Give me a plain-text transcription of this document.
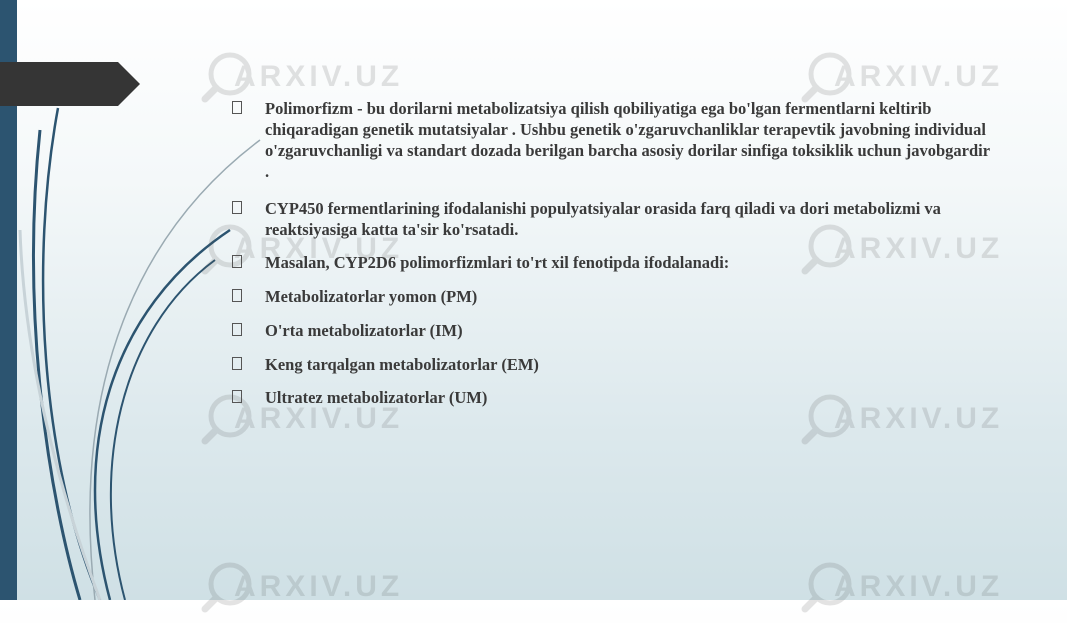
ARXIV.UZ	ARXIV.UZ
ARXIV.UZ	ARXIV.UZ
ARXIV.UZ	ARXIV.UZ
ARXIV.UZ	ARXIV.UZ
Polimorfizm - bu dorilarni metabolizatsiya qilish qobiliyatiga ega bo'lgan fermentlarni keltirib chiqaradigan genetik mutatsiyalar . Ushbu genetik o'zgaruvchanliklar terapevtik javobning individual o'zgaruvchanligi va standart dozada berilgan barcha asosiy dorilar sinfiga toksiklik uchun javobgardir .
CYP450 fermentlarining ifodalanishi populyatsiyalar orasida farq qiladi va dori metabolizmi va reaktsiyasiga katta ta'sir ko'rsatadi.
Masalan, CYP2D6 polimorfizmlari to'rt xil fenotipda ifodalanadi:
Metabolizatorlar yomon (PM)
O'rta metabolizatorlar (IM)
Keng tarqalgan metabolizatorlar (EM)
Ultratez metabolizatorlar (UM)
